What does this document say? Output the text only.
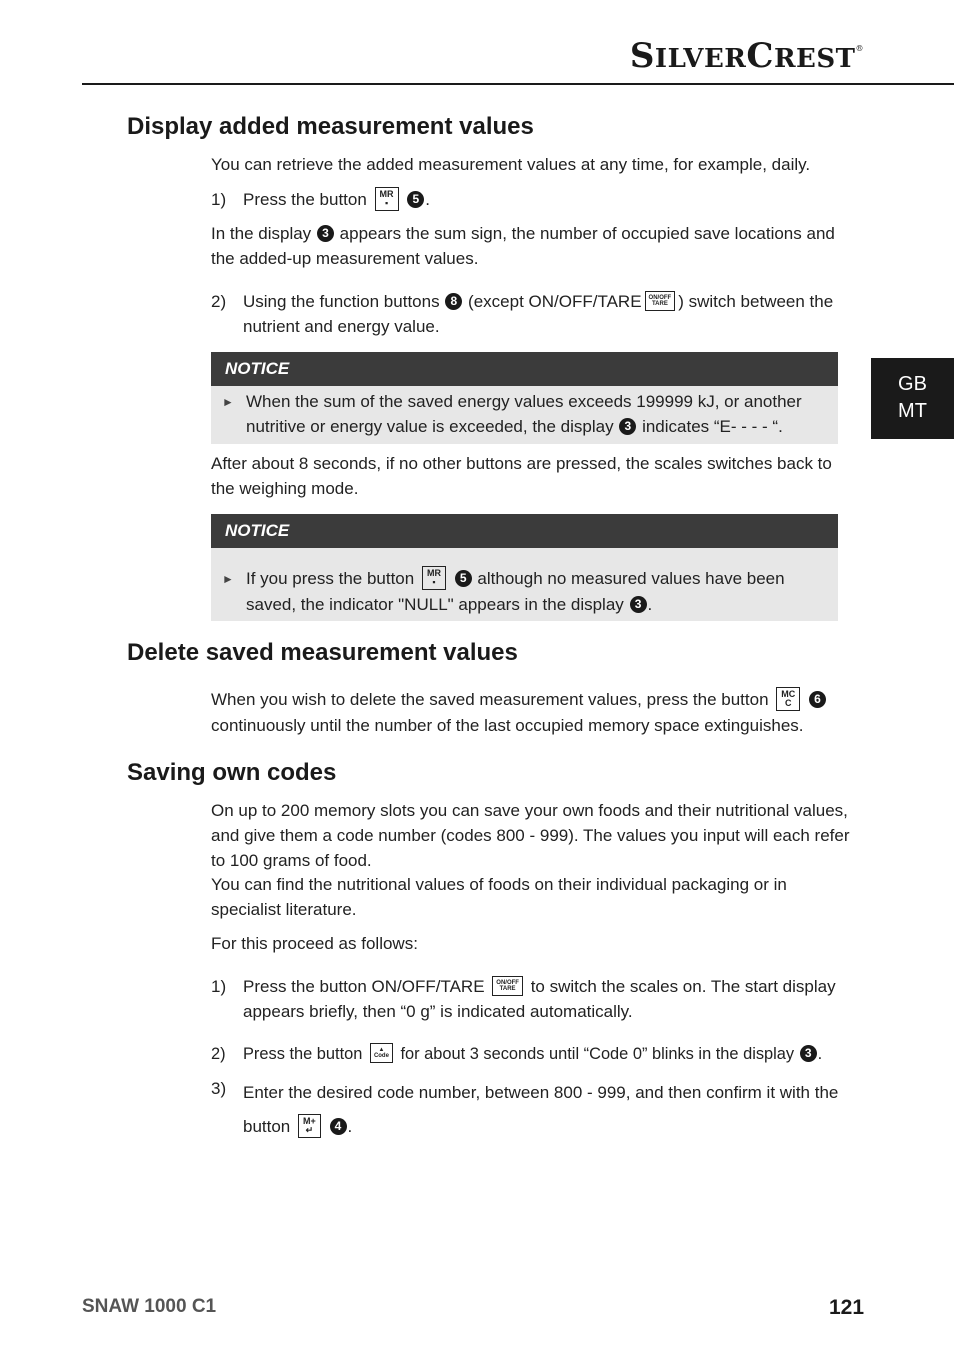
SILVERCREST®
GB
MT
Display added measurement values
You can retrieve the added measurement values at any time, for example, daily.
1) Press the button MR
▪ 5 .
In the display 3 appears the sum sign, the number of occupied save locations and the added-up measurement values.
2) Using the function buttons 8 (except ON/OFF/TARE ON/OFF
TARE ) switch between the nutrient and energy value.
NOTICE
► When the sum of the saved energy values exceeds 199999 kJ, or another nutritive or energy value is exceeded, the display 3 indicates “E- - - - “.
After about 8 seconds, if no other buttons are pressed, the scales switches back to the weighing mode.
NOTICE
► If you press the button MR
▪ 5 although no measured values have been saved, the indicator "NULL" appears in the display 3 .
Delete saved measurement values
When you wish to delete the saved measurement values, press the button MC
C 6 continuously until the number of the last occupied memory space extinguishes.
Saving own codes
On up to 200 memory slots you can save your own foods and their nutritional values, and give them a code number (codes 800 - 999). The values you input will each refer to 100 grams of food.
You can find the nutritional values of foods on their individual packaging or in specialist literature.
For this proceed as follows:
1) Press the button ON/OFF/TARE ON/OFF
TARE to switch the scales on. The start display appears briefly, then “0 g” is indicated automatically.
2) Press the button	▲
Code for about 3 seconds until “Code 0” blinks in the display 3 .
3) Enter the desired code number, between 800 - 999, and then confirm it with the button M+
↵ 4 .
SNAW 1000 C1	121
